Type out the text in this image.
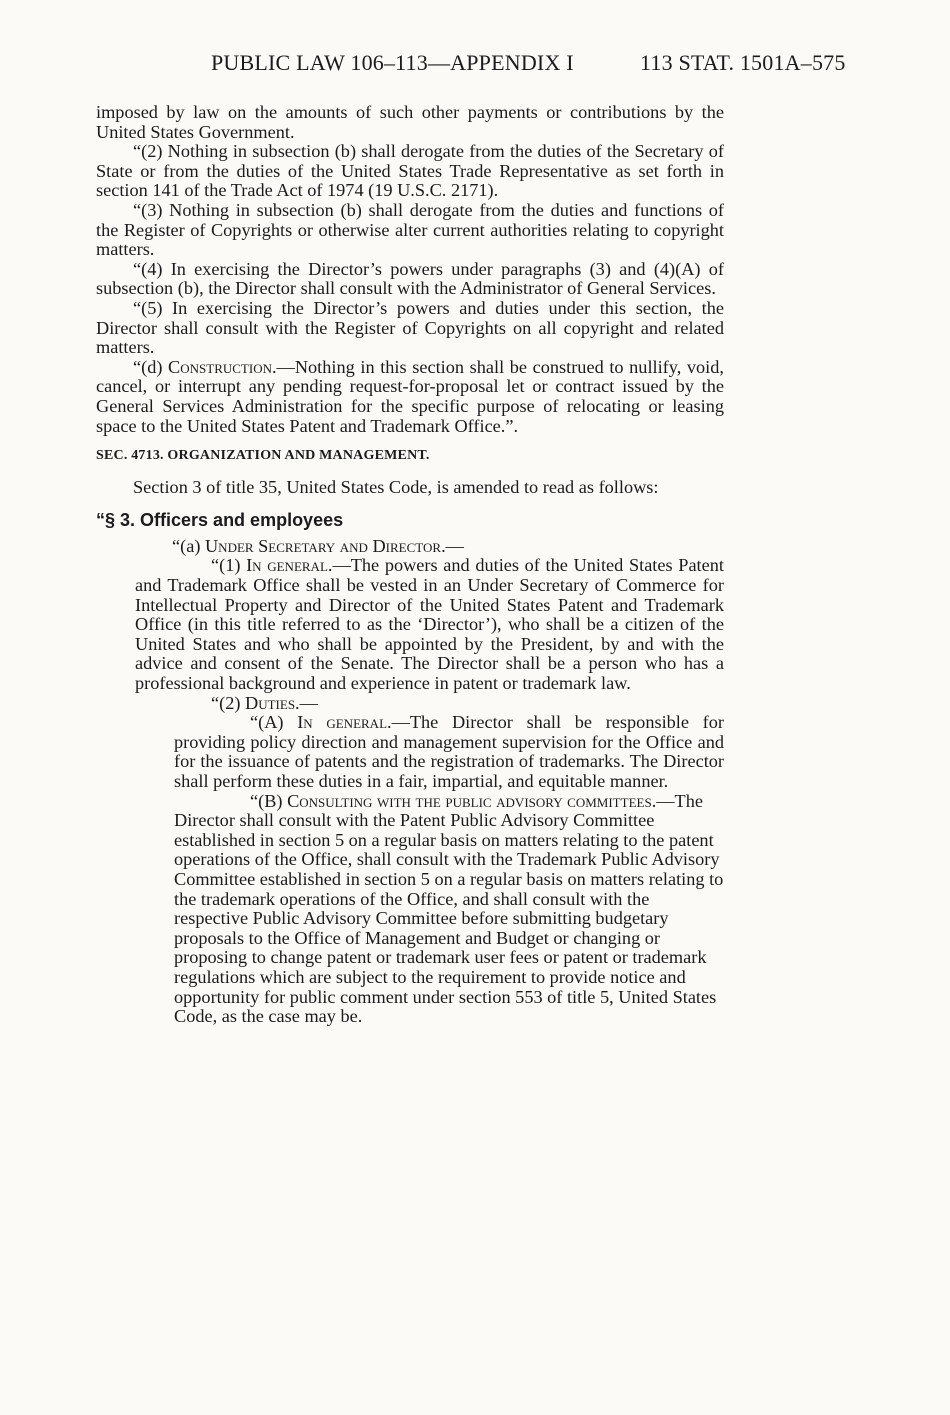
PUBLIC LAW 106–113—APPENDIX I	113 STAT. 1501A–575

imposed by law on the amounts of such other payments or contributions by the United States Government.

“(2) Nothing in subsection (b) shall derogate from the duties of the Secretary of State or from the duties of the United States Trade Representative as set forth in section 141 of the Trade Act of 1974 (19 U.S.C. 2171).

“(3) Nothing in subsection (b) shall derogate from the duties and functions of the Register of Copyrights or otherwise alter current authorities relating to copyright matters.

“(4) In exercising the Director’s powers under paragraphs (3) and (4)(A) of subsection (b), the Director shall consult with the Administrator of General Services.

“(5) In exercising the Director’s powers and duties under this section, the Director shall consult with the Register of Copyrights on all copyright and related matters.

“(d) Construction.—Nothing in this section shall be construed to nullify, void, cancel, or interrupt any pending request-for-proposal let or contract issued by the General Services Administration for the specific purpose of relocating or leasing space to the United States Patent and Trademark Office.”.

SEC. 4713. ORGANIZATION AND MANAGEMENT.

Section 3 of title 35, United States Code, is amended to read as follows:

“§ 3. Officers and employees

“(a) Under Secretary and Director.—

“(1) In general.—The powers and duties of the United States Patent and Trademark Office shall be vested in an Under Secretary of Commerce for Intellectual Property and Director of the United States Patent and Trademark Office (in this title referred to as the ‘Director’), who shall be a citizen of the United States and who shall be appointed by the President, by and with the advice and consent of the Senate. The Director shall be a person who has a professional background and experience in patent or trademark law.

“(2) Duties.—

“(A) In general.—The Director shall be responsible for providing policy direction and management supervision for the Office and for the issuance of patents and the registration of trademarks. The Director shall perform these duties in a fair, impartial, and equitable manner.

“(B) Consulting with the public advisory committees.—The Director shall consult with the Patent Public Advisory Committee established in section 5 on a regular basis on matters relating to the patent operations of the Office, shall consult with the Trademark Public Advisory Committee established in section 5 on a regular basis on matters relating to the trademark operations of the Office, and shall consult with the respective Public Advisory Committee before submitting budgetary proposals to the Office of Management and Budget or changing or proposing to change patent or trademark user fees or patent or trademark regulations which are subject to the requirement to provide notice and opportunity for public comment under section 553 of title 5, United States Code, as the case may be.
